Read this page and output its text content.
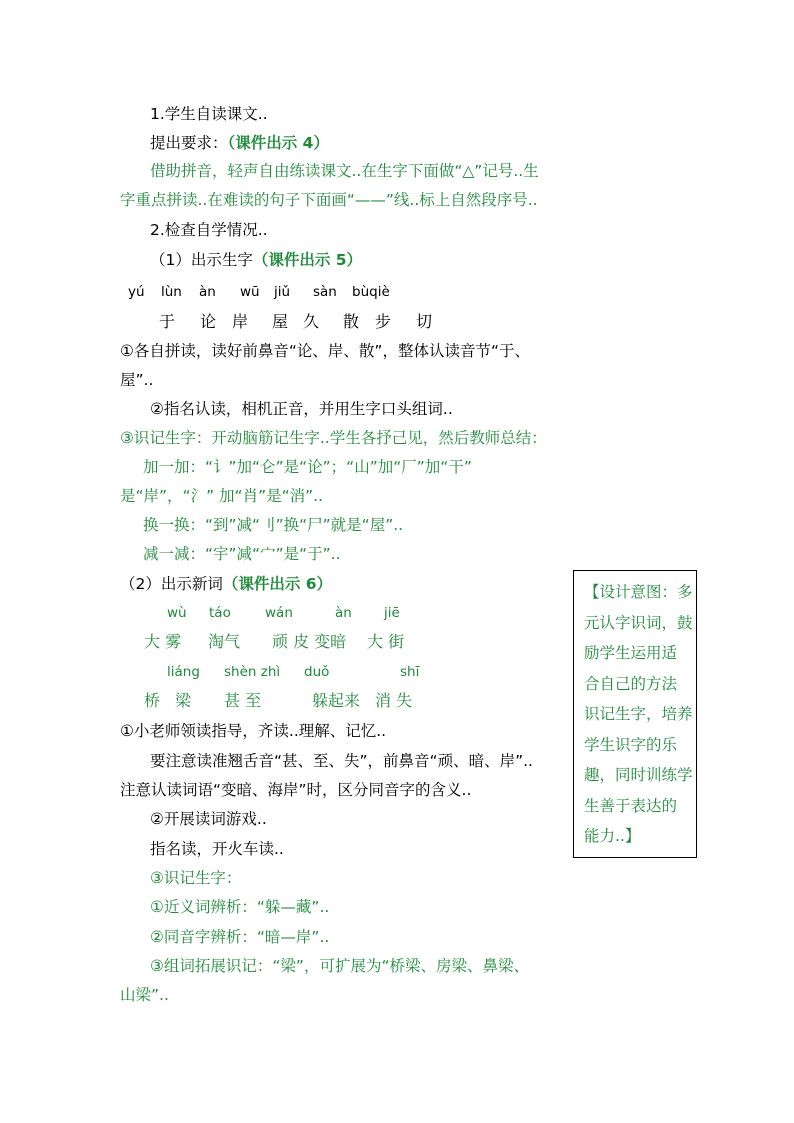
1.学生自读课文..
提出要求：（课件出示 4）
借助拼音，轻声自由练读课文..在生字下面做“△”记号..生
字重点拼读..在难读的句子下面画“——”线..标上自然段序号..
2.检查自学情况..
（1）出示生字（课件出示 5）
yú lùn àn wū jiǔ sàn bùqiè
于 论 岸 屋 久 散 步 切
①各自拼读，读好前鼻音“论、岸、散”，整体认读音节“于、
屋”..
②指名认读，相机正音，并用生字口头组词..
③识记生字：开动脑筋记生字..学生各抒己见，然后教师总结：
加一加：“讠”加“仑”是“论”；“山”加“厂”加“干”
是“岸”，“氵” 加“肖”是“消”..
换一换：“到”减“刂”换“尸”就是“屋”..
减一减：“宇”减“宀”是“于”..
（2）出示新词（课件出示 6）
wù táo	wán	àn jiē
大 雾 淘气 顽 皮 变暗 大 街
liáng shèn zhì duǒ	shī
桥 梁 甚 至	躲起来 消 失
①小老师领读指导，齐读..理解、记忆..
要注意读准翘舌音“甚、至、失”，前鼻音“顽、暗、岸”..
注意认读词语“变暗、海岸”时，区分同音字的含义..
②开展读词游戏..
指名读，开火车读..
③识记生字：
①近义词辨析：“躲—藏”..
②同音字辨析：“暗—岸”..
③组词拓展识记：“梁”，可扩展为“桥梁、房梁、鼻梁、
山梁”..

【设计意图：多

元认字识词，鼓

励学生运用适

合自己的方法

识记生字，培养

学生识字的乐

趣，同时训练学

生善于表达的

能力..】
